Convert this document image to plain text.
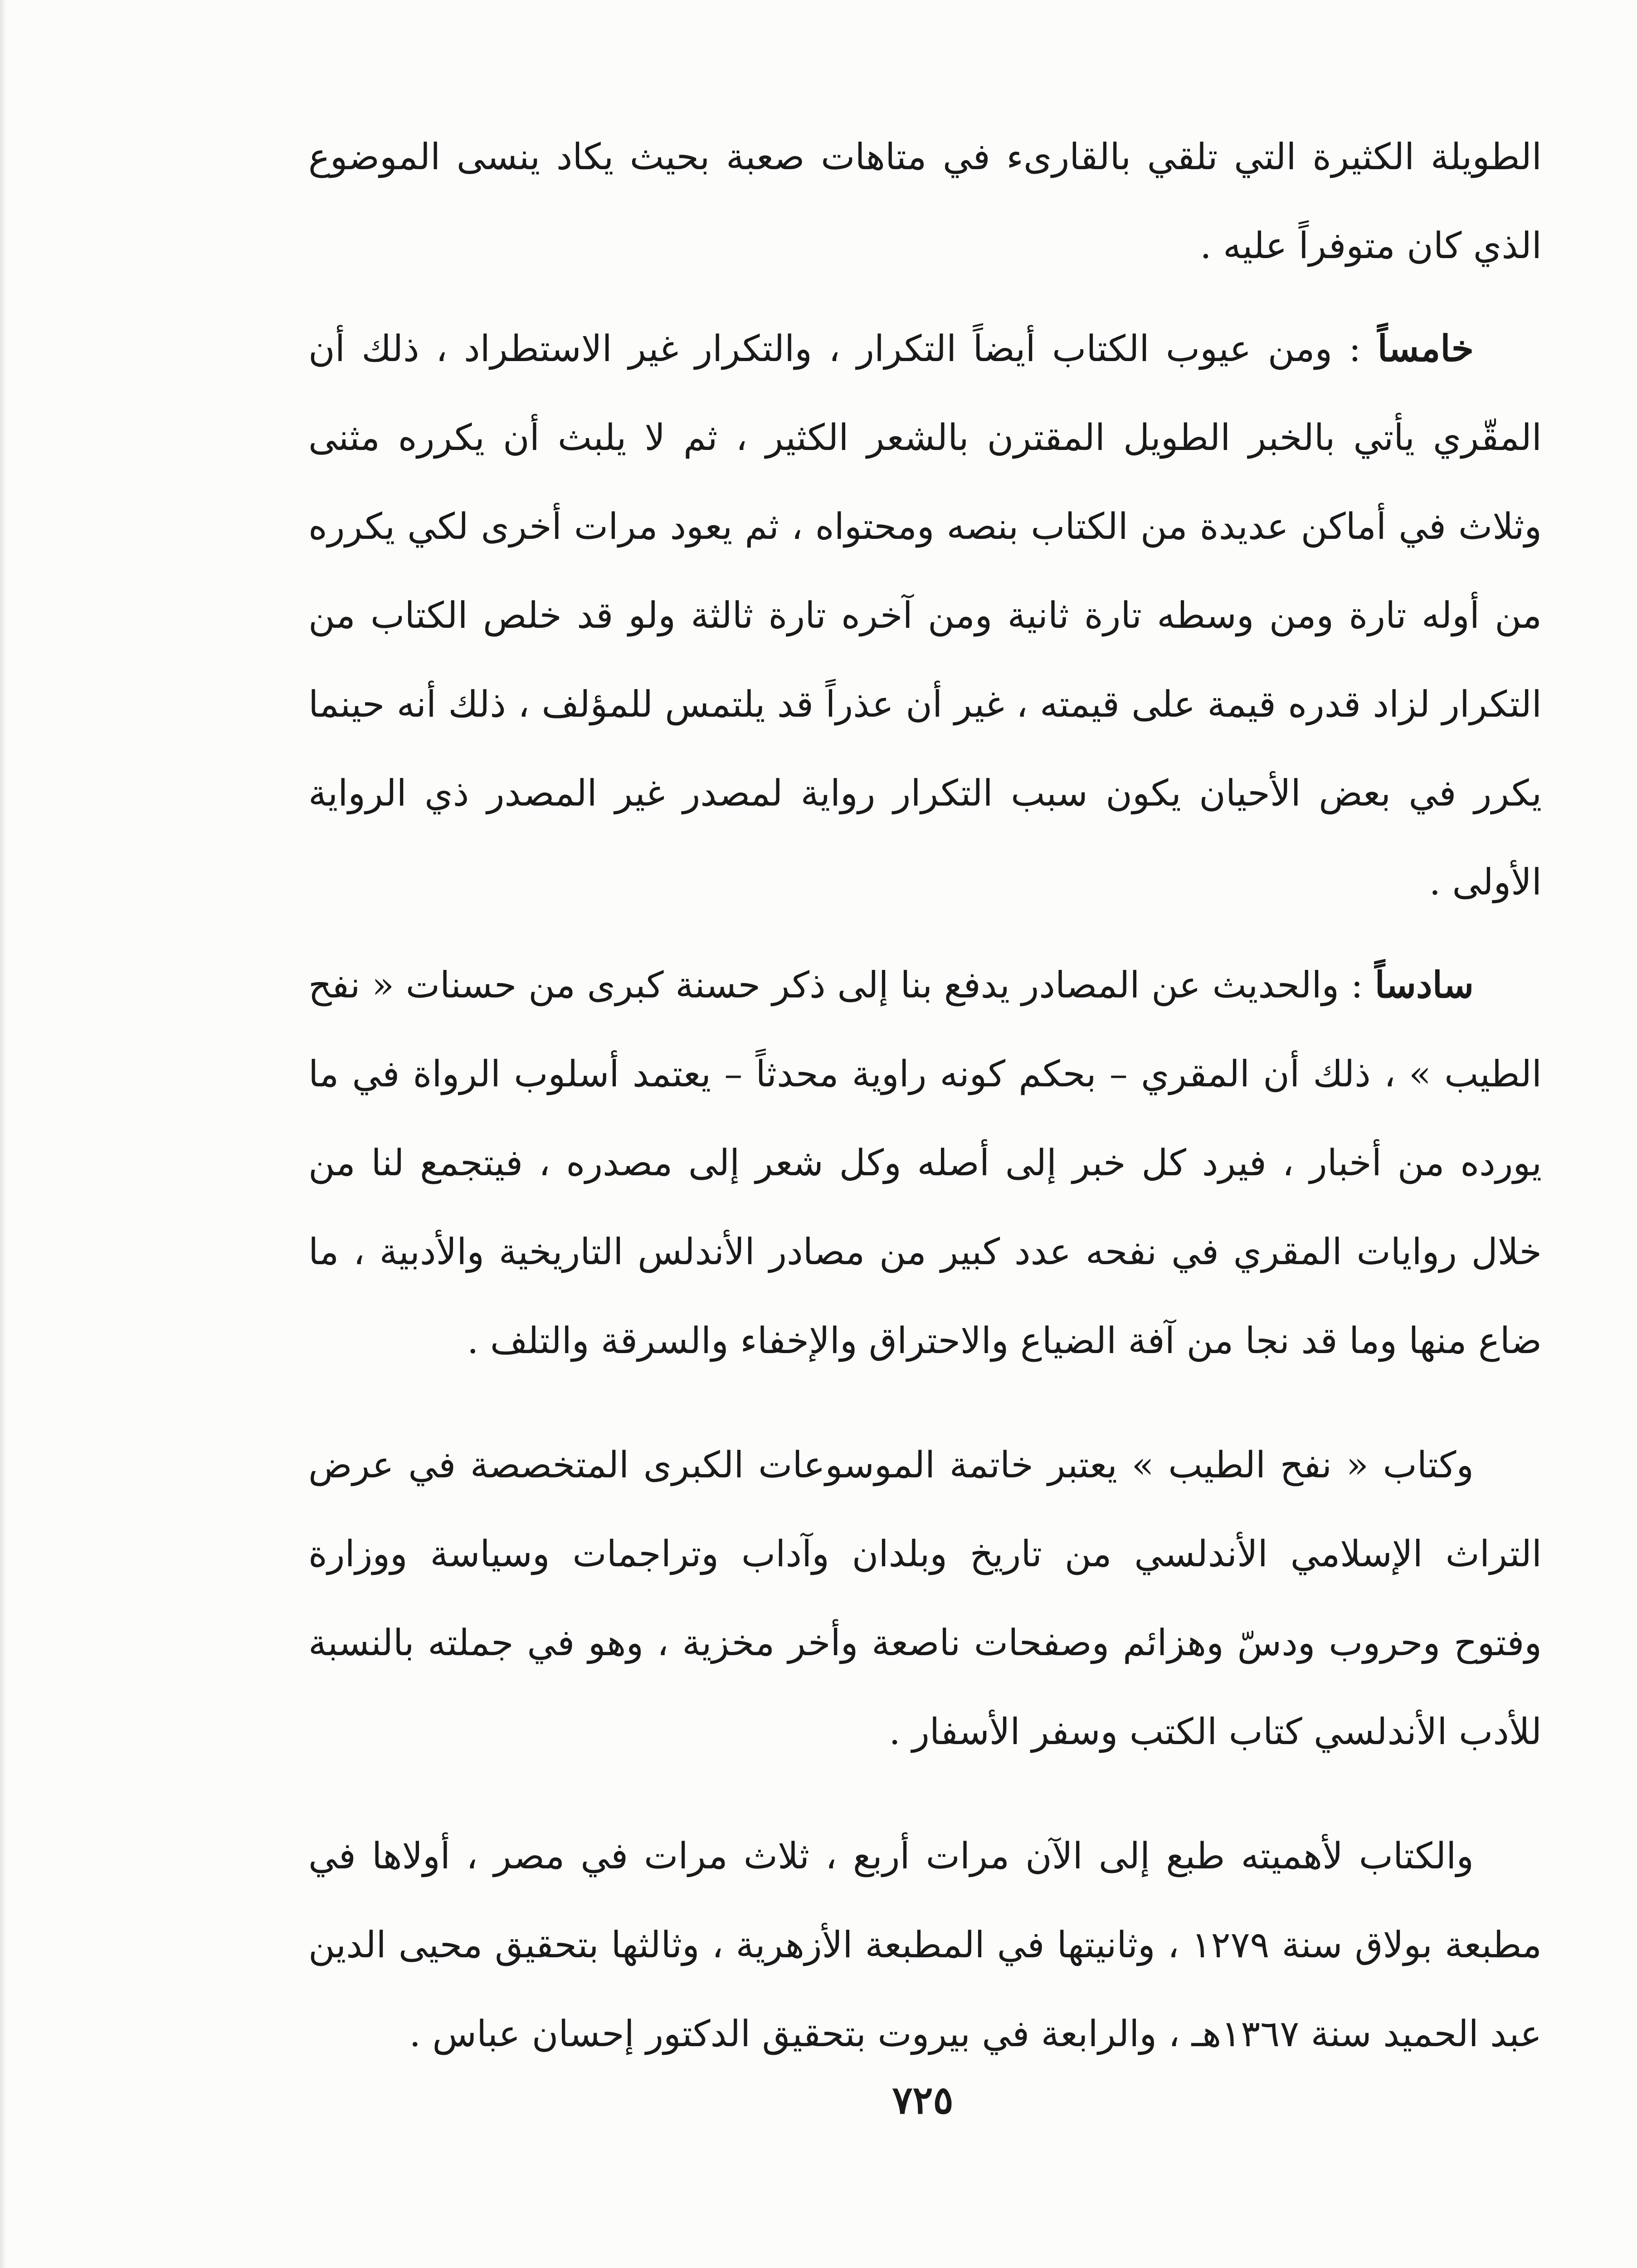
الطويلة الكثيرة التي تلقي بالقارىء في متاهات صعبة بحيث يكاد ينسى الموضوع الذي كان متوفراً عليه .

خامساً : ومن عيوب الكتاب أيضاً التكرار ، والتكرار غير الاستطراد ، ذلك أن المقّري يأتي بالخبر الطويل المقترن بالشعر الكثير ، ثم لا يلبث أن يكرره مثنى وثلاث في أماكن عديدة من الكتاب بنصه ومحتواه ، ثم يعود مرات أخرى لكي يكرره من أوله تارة ومن وسطه تارة ثانية ومن آخره تارة ثالثة ولو قد خلص الكتاب من التكرار لزاد قدره قيمة على قيمته ، غير أن عذراً قد يلتمس للمؤلف ، ذلك أنه حينما يكرر في بعض الأحيان يكون سبب التكرار رواية لمصدر غير المصدر ذي الرواية الأولى .

سادساً : والحديث عن المصادر يدفع بنا إلى ذكر حسنة كبرى من حسنات « نفح الطيب » ، ذلك أن المقري – بحكم كونه راوية محدثاً – يعتمد أسلوب الرواة في ما يورده من أخبار ، فيرد كل خبر إلى أصله وكل شعر إلى مصدره ، فيتجمع لنا من خلال روايات المقري في نفحه عدد كبير من مصادر الأندلس التاريخية والأدبية ، ما ضاع منها وما قد نجا من آفة الضياع والاحتراق والإخفاء والسرقة والتلف .

وكتاب « نفح الطيب » يعتبر خاتمة الموسوعات الكبرى المتخصصة في عرض التراث الإسلامي الأندلسي من تاريخ وبلدان وآداب وتراجمات وسياسة ووزارة وفتوح وحروب ودسّ وهزائم وصفحات ناصعة وأخر مخزية ، وهو في جملته بالنسبة للأدب الأندلسي كتاب الكتب وسفر الأسفار .

والكتاب لأهميته طبع إلى الآن مرات أربع ، ثلاث مرات في مصر ، أولاها في مطبعة بولاق سنة ١٢٧٩ ، وثانيتها في المطبعة الأزهرية ، وثالثها بتحقيق محيى الدين عبد الحميد سنة ١٣٦٧هـ ، والرابعة في بيروت بتحقيق الدكتور إحسان عباس .

٧٢٥
